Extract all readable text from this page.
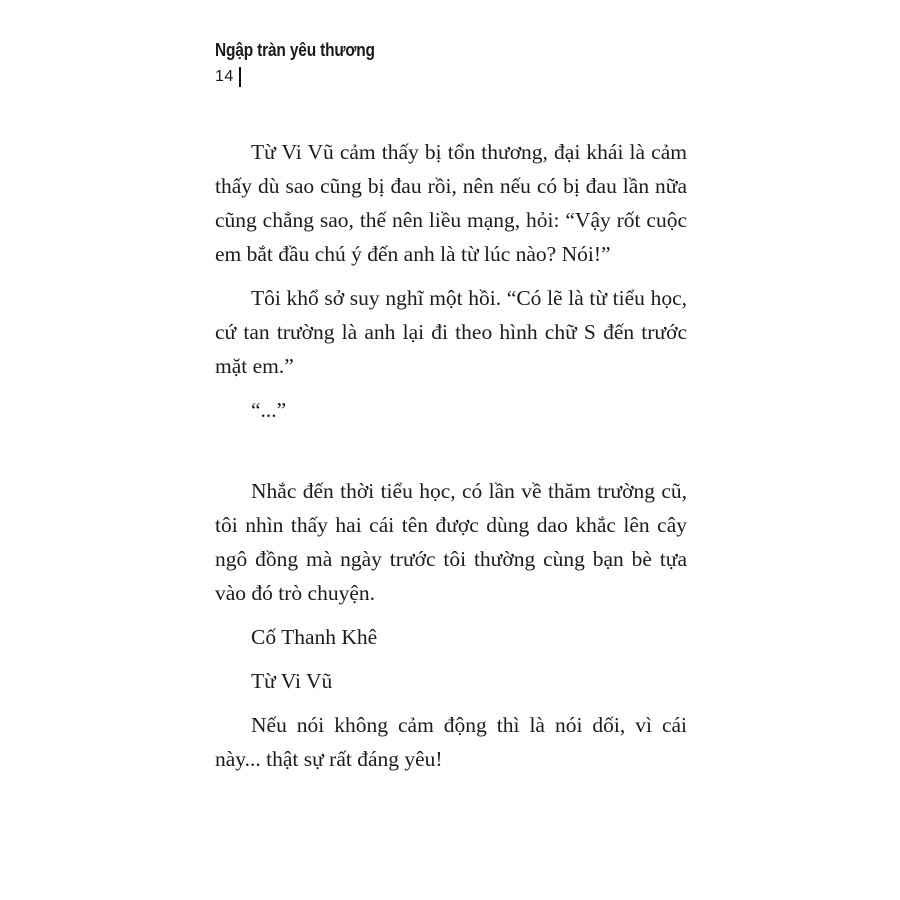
Ngập tràn yêu thương
14

Từ Vi Vũ cảm thấy bị tổn thương, đại khái là cảm thấy dù sao cũng bị đau rồi, nên nếu có bị đau lần nữa cũng chẳng sao, thế nên liều mạng, hỏi: “Vậy rốt cuộc em bắt đầu chú ý đến anh là từ lúc nào? Nói!”

Tôi khổ sở suy nghĩ một hồi. “Có lẽ là từ tiểu học, cứ tan trường là anh lại đi theo hình chữ S đến trước mặt em.”

“...”

Nhắc đến thời tiểu học, có lần về thăm trường cũ, tôi nhìn thấy hai cái tên được dùng dao khắc lên cây ngô đồng mà ngày trước tôi thường cùng bạn bè tựa vào đó trò chuyện.

Cố Thanh Khê

Từ Vi Vũ

Nếu nói không cảm động thì là nói dối, vì cái này... thật sự rất đáng yêu!
